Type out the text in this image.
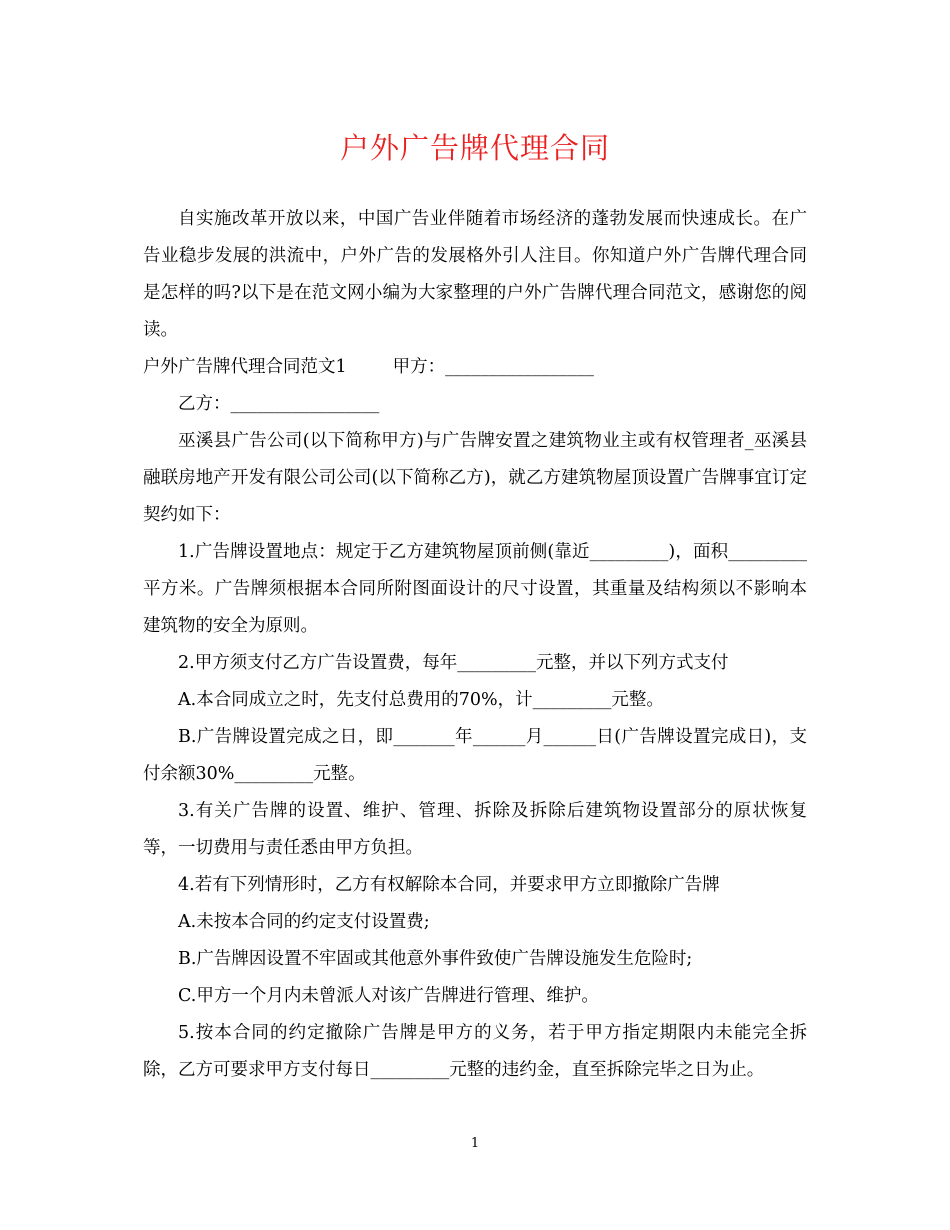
户外广告牌代理合同

自实施改革开放以来，中国广告业伴随着市场经济的蓬勃发展而快速成长。在广告业稳步发展的洪流中，户外广告的发展格外引人注目。你知道户外广告牌代理合同是怎样的吗?以下是在范文网小编为大家整理的户外广告牌代理合同范文，感谢您的阅读。

户外广告牌代理合同范文1	甲方：_________________

乙方：_________________

巫溪县广告公司(以下简称甲方)与广告牌安置之建筑物业主或有权管理者_巫溪县融联房地产开发有限公司公司(以下简称乙方)，就乙方建筑物屋顶设置广告牌事宜订定契约如下：

1.广告牌设置地点：规定于乙方建筑物屋顶前侧(靠近_________)，面积_________平方米。广告牌须根据本合同所附图面设计的尺寸设置，其重量及结构须以不影响本建筑物的安全为原则。

2.甲方须支付乙方广告设置费，每年_________元整，并以下列方式支付

A.本合同成立之时，先支付总费用的70%，计_________元整。

B.广告牌设置完成之日，即_______年______月______日(广告牌设置完成日)，支付余额30%_________元整。

3.有关广告牌的设置、维护、管理、拆除及拆除后建筑物设置部分的原状恢复等，一切费用与责任悉由甲方负担。

4.若有下列情形时，乙方有权解除本合同，并要求甲方立即撤除广告牌

A.未按本合同的约定支付设置费;

B.广告牌因设置不牢固或其他意外事件致使广告牌设施发生危险时;

C.甲方一个月内未曾派人对该广告牌进行管理、维护。

5.按本合同的约定撤除广告牌是甲方的义务，若于甲方指定期限内未能完全拆除，乙方可要求甲方支付每日_________元整的违约金，直至拆除完毕之日为止。

1
